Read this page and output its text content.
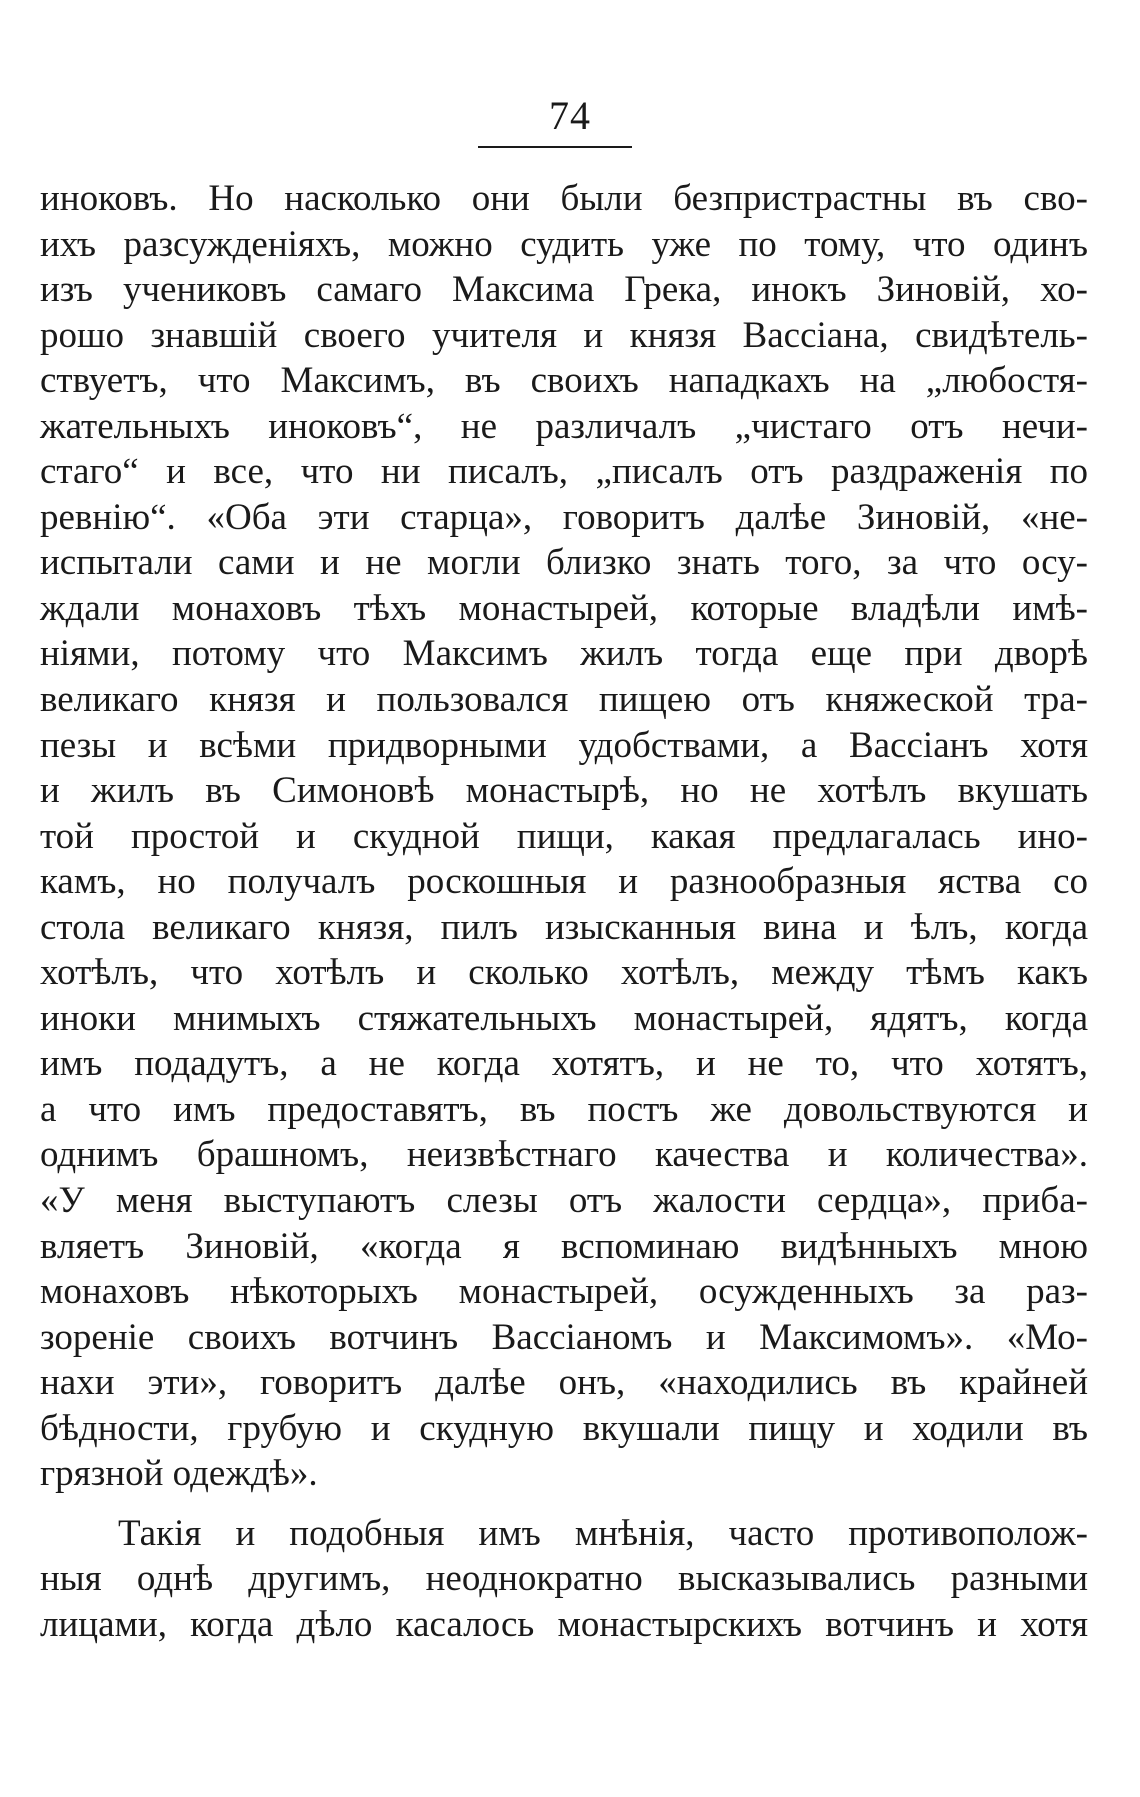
74
иноковъ. Но насколько они были безпристрастны въ сво-
ихъ разсужденiяхъ, можно судить уже по тому, что одинъ
изъ учениковъ самаго Максима Грека, инокъ Зиновiй, хо-
рошо знавшiй своего учителя и князя Вассiана, свидѣтель-
ствуетъ, что Максимъ, въ своихъ нападкахъ на „любостя-
жательныхъ иноковъ“, не различалъ „чистаго отъ нечи-
стаго“ и все, что ни писалъ, „писалъ отъ раздраженiя по
ревнiю“. «Оба эти старца», говоритъ далѣе Зиновiй, «не-
испытали сами и не могли близко знать того, за что осу-
ждали монаховъ тѣхъ монастырей, которые владѣли имѣ-
нiями, потому что Максимъ жилъ тогда еще при дворѣ
великаго князя и пользовался пищею отъ княжеской тра-
пезы и всѣми придворными удобствами, а Вассiанъ хотя
и жилъ въ Симоновѣ монастырѣ, но не хотѣлъ вкушать
той простой и скудной пищи, какая предлагалась ино-
камъ, но получалъ роскошныя и разнообразныя яства со
стола великаго князя, пилъ изысканныя вина и ѣлъ, когда
хотѣлъ, что хотѣлъ и сколько хотѣлъ, между тѣмъ какъ
иноки мнимыхъ стяжательныхъ монастырей, ядятъ, когда
имъ подадутъ, а не когда хотятъ, и не то, что хотятъ,
а что имъ предоставятъ, въ постъ же довольствуются и
однимъ брашномъ, неизвѣстнаго качества и количества».
«У меня выступаютъ слезы отъ жалости сердца», приба-
вляетъ Зиновiй, «когда я вспоминаю видѣнныхъ мною
монаховъ нѣкоторыхъ монастырей, осужденныхъ за раз-
зоренiе своихъ вотчинъ Вассiаномъ и Максимомъ». «Мо-
нахи эти», говоритъ далѣе онъ, «находились въ крайней
бѣдности, грубую и скудную вкушали пищу и ходили въ
грязной одеждѣ».
Такiя и подобныя имъ мнѣнiя, часто противополож-
ныя однѣ другимъ, неоднократно высказывались разными
лицами, когда дѣло касалось монастырскихъ вотчинъ и хотя
